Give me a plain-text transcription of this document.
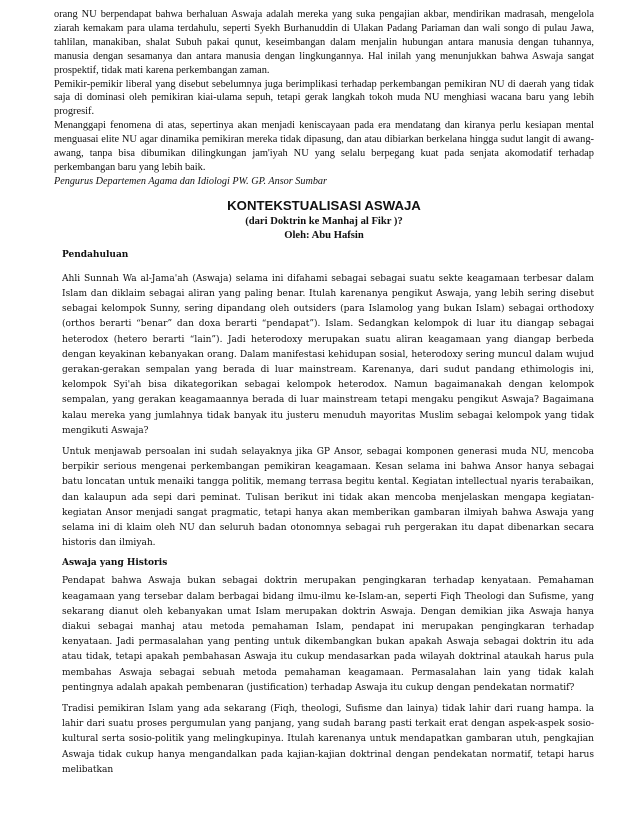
orang NU berpendapat bahwa berhaluan Aswaja adalah mereka yang suka pengajian akbar, mendirikan madrasah, mengelola ziarah kemakam para ulama terdahulu, seperti Syekh Burhanuddin di Ulakan Padang Pariaman dan wali songo di pulau Jawa, tahlilan, manakiban, shalat Subuh pakai qunut, keseimbangan dalam menjalin hubungan antara manusia dengan tuhannya, manusia dengan sesamanya dan antara manusia dengan lingkungannya. Hal inilah yang menunjukkan bahwa Aswaja sangat prospektif, tidak mati karena perkembangan zaman.

Pemikir-pemikir liberal yang disebut sebelumnya juga berimplikasi terhadap perkembangan pemikiran NU di daerah yang tidak saja di dominasi oleh pemikiran kiai-ulama sepuh, tetapi gerak langkah tokoh muda NU menghiasi wacana baru yang lebih progresif.

Menanggapi fenomena di atas, sepertinya akan menjadi keniscayaan pada era mendatang dan kiranya perlu kesiapan mental menguasai elite NU agar dinamika pemikiran mereka tidak dipasung, dan atau dibiarkan berkelana hingga sudut langit di awang-awang, tanpa bisa dibumikan dilingkungan jam'iyah NU yang selalu berpegang kuat pada senjata akomodatif terhadap perkembangan baru yang lebih baik.

Pengurus Departemen Agama dan Idiologi PW. GP. Ansor Sumbar

KONTEKSTUALISASI ASWAJA

(dari Doktrin ke Manhaj al Fikr )?

Oleh: Abu Hafsin

Pendahuluan

Ahli Sunnah Wa al-Jama'ah (Aswaja) selama ini difahami sebagai sebagai suatu sekte keagamaan terbesar dalam Islam dan diklaim sebagai aliran yang paling benar. Itulah karenanya pengikut Aswaja, yang lebih sering disebut sebagai kelompok Sunny, sering dipandang oleh outsiders (para Islamolog yang bukan Islam) sebagai orthodoxy (orthos berarti “benar” dan doxa berarti “pendapat”). Islam. Sedangkan kelompok di luar itu diangap sebagai heterodox (hetero berarti “lain”). Jadi heterodoxy merupakan suatu aliran keagamaan yang diangap berbeda dengan keyakinan kebanyakan orang. Dalam manifestasi kehidupan sosial, heterodoxy sering muncul dalam wujud gerakan-gerakan sempalan yang berada di luar mainstream. Karenanya, dari sudut pandang ethimologis ini, kelompok Syi'ah bisa dikategorikan sebagai kelompok heterodox. Namun bagaimanakah dengan kelompok sempalan, yang gerakan keagamaannya berada di luar mainstream tetapi mengaku pengikut Aswaja? Bagaimana kalau mereka yang jumlahnya tidak banyak itu justeru menuduh mayoritas Muslim sebagai kelompok yang tidak mengikuti Aswaja?

Untuk menjawab persoalan ini sudah selayaknya jika GP Ansor, sebagai komponen generasi muda NU, mencoba berpikir serious mengenai perkembangan pemikiran keagamaan. Kesan selama ini bahwa Ansor hanya sebagai batu loncatan untuk menaiki tangga politik, memang terrasa begitu kental. Kegiatan intellectual nyaris terabaikan, dan kalaupun ada sepi dari peminat. Tulisan berikut ini tidak akan mencoba menjelaskan mengapa kegiatan-kegiatan Ansor menjadi sangat pragmatic, tetapi hanya akan memberikan gambaran ilmiyah bahwa Aswaja yang selama ini di klaim oleh NU dan seluruh badan otonomnya sebagai ruh pergerakan itu dapat dibenarkan secara historis dan ilmiyah.

Aswaja yang Historis

Pendapat bahwa Aswaja bukan sebagai doktrin merupakan pengingkaran terhadap kenyataan. Pemahaman keagamaan yang tersebar dalam berbagai bidang ilmu-ilmu ke-Islam-an, seperti Fiqh Theologi dan Sufisme, yang sekarang dianut oleh kebanyakan umat Islam merupakan doktrin Aswaja. Dengan demikian jika Aswaja hanya diakui sebagai manhaj atau metoda pemahaman Islam, pendapat ini merupakan pengingkaran terhadap kenyataan. Jadi permasalahan yang penting untuk dikembangkan bukan apakah Aswaja sebagai doktrin itu ada atau tidak, tetapi apakah pembahasan Aswaja itu cukup mendasarkan pada wilayah doktrinal ataukah harus pula membahas Aswaja sebagai sebuah metoda pemahaman keagamaan. Permasalahan lain yang tidak kalah pentingnya adalah apakah pembenaran (justification) terhadap Aswaja itu cukup dengan pendekatan normatif?

Tradisi pemikiran Islam yang ada sekarang (Fiqh, theologi, Sufisme dan lainya) tidak lahir dari ruang hampa. la lahir dari suatu proses pergumulan yang panjang, yang sudah barang pasti terkait erat dengan aspek-aspek sosio-kultural serta sosio-politik yang melingkupinya. Itulah karenanya untuk mendapatkan gambaran utuh, pengkajian Aswaja tidak cukup hanya mengandalkan pada kajian-kajian doktrinal dengan pendekatan normatif, tetapi harus melibatkan
